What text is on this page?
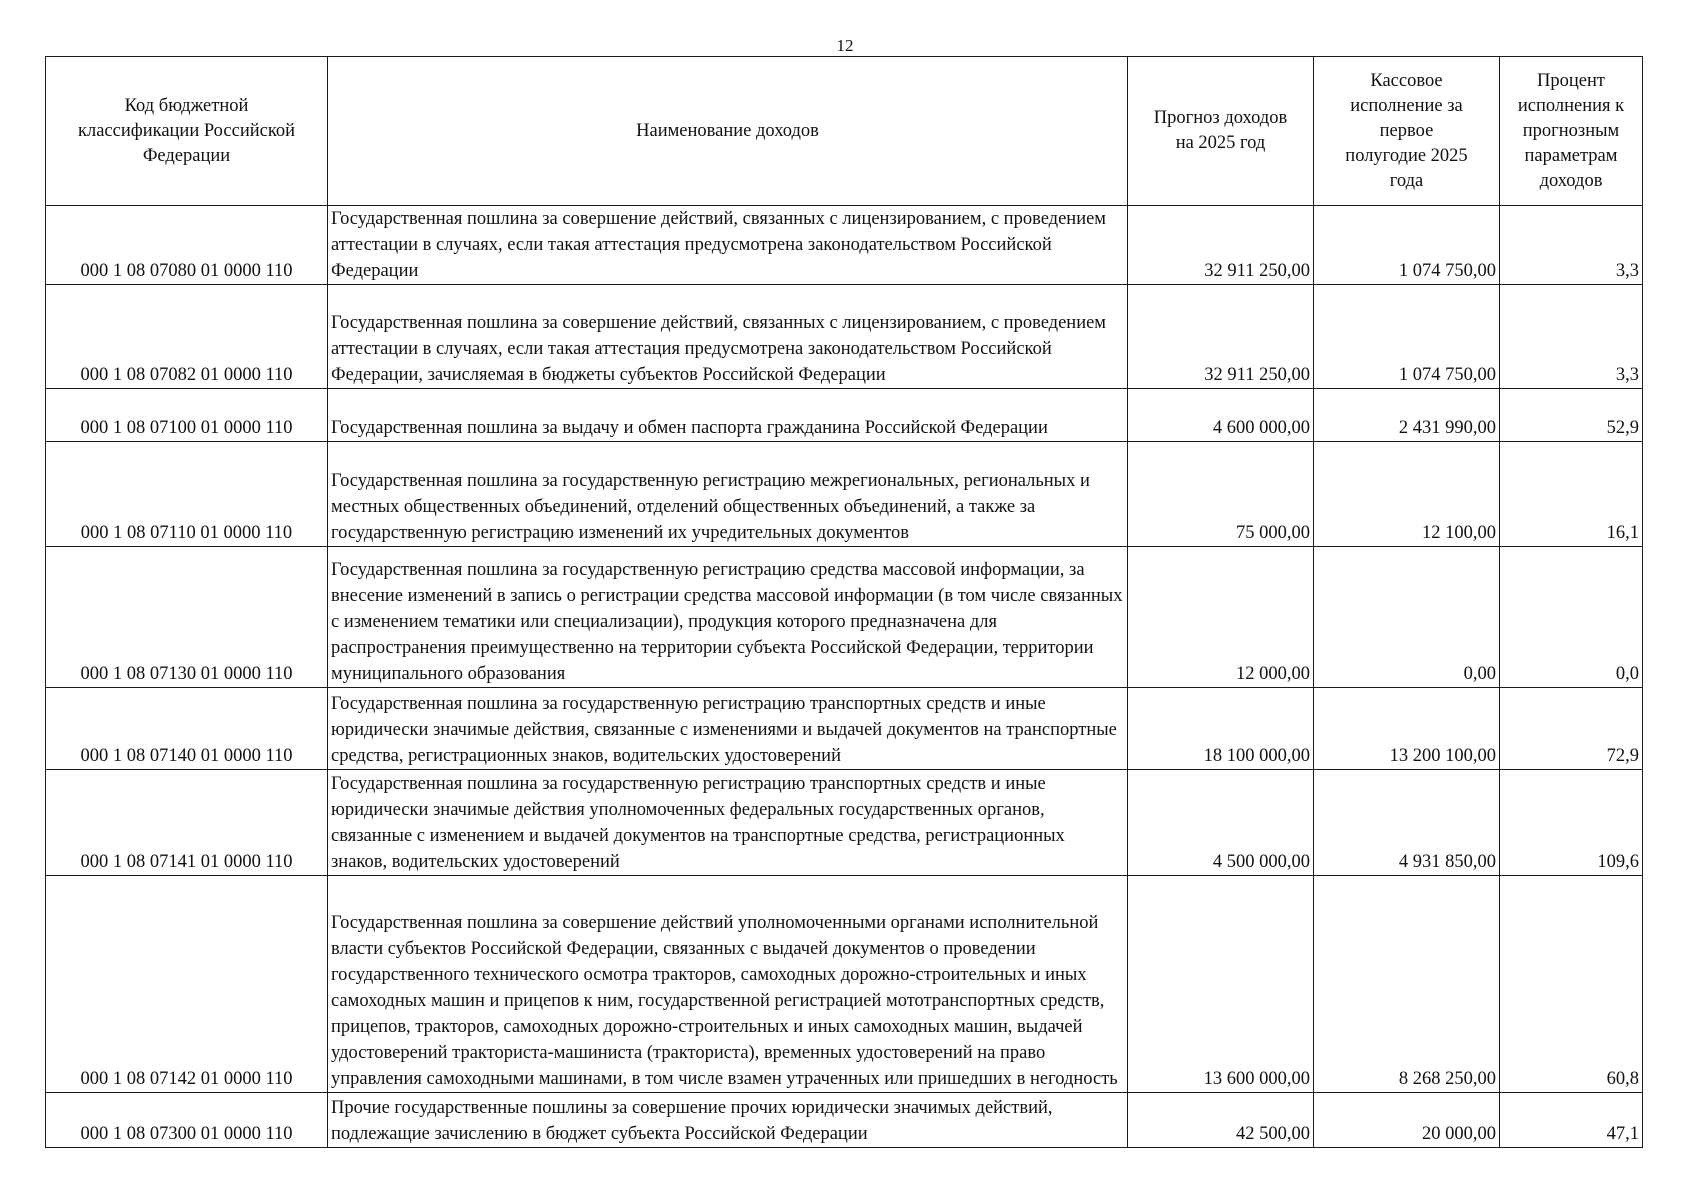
12
Код бюджетной классификации Российской Федерации	Наименование доходов	Прогноз доходов на 2025 год	Кассовое исполнение за первое полугодие 2025 года	Процент исполнения к прогнозным параметрам доходов
000 1 08 07080 01 0000 110	Государственная пошлина за совершение действий, связанных с лицензированием, с проведением аттестации в случаях, если такая аттестация предусмотрена законодательством Российской Федерации	32 911 250,00	1 074 750,00	3,3
000 1 08 07082 01 0000 110	Государственная пошлина за совершение действий, связанных с лицензированием, с проведением аттестации в случаях, если такая аттестация предусмотрена законодательством Российской Федерации, зачисляемая в бюджеты субъектов Российской Федерации	32 911 250,00	1 074 750,00	3,3
000 1 08 07100 01 0000 110	Государственная пошлина за выдачу и обмен паспорта гражданина Российской Федерации	4 600 000,00	2 431 990,00	52,9
000 1 08 07110 01 0000 110	Государственная пошлина за государственную регистрацию межрегиональных, региональных и местных общественных объединений, отделений общественных объединений, а также за государственную регистрацию изменений их учредительных документов	75 000,00	12 100,00	16,1
000 1 08 07130 01 0000 110	Государственная пошлина за государственную регистрацию средства массовой информации, за внесение изменений в запись о регистрации средства массовой информации (в том числе связанных с изменением тематики или специализации), продукция которого предназначена для распространения преимущественно на территории субъекта Российской Федерации, территории муниципального образования	12 000,00	0,00	0,0
000 1 08 07140 01 0000 110	Государственная пошлина за государственную регистрацию транспортных средств и иные юридически значимые действия, связанные с изменениями и выдачей документов на транспортные средства, регистрационных знаков, водительских удостоверений	18 100 000,00	13 200 100,00	72,9
000 1 08 07141 01 0000 110	Государственная пошлина за государственную регистрацию транспортных средств и иные юридически значимые действия уполномоченных федеральных государственных органов, связанные с изменением и выдачей документов на транспортные средства, регистрационных знаков, водительских удостоверений	4 500 000,00	4 931 850,00	109,6
000 1 08 07142 01 0000 110	Государственная пошлина за совершение действий уполномоченными органами исполнительной власти субъектов Российской Федерации, связанных с выдачей документов о проведении государственного технического осмотра тракторов, самоходных дорожно-строительных и иных самоходных машин и прицепов к ним, государственной регистрацией мототранспортных средств, прицепов, тракторов, самоходных дорожно-строительных и иных самоходных машин, выдачей удостоверений тракториста-машиниста (тракториста), временных удостоверений на право управления самоходными машинами, в том числе взамен утраченных или пришедших в негодность	13 600 000,00	8 268 250,00	60,8
000 1 08 07300 01 0000 110	Прочие государственные пошлины за совершение прочих юридически значимых действий, подлежащие зачислению в бюджет субъекта Российской Федерации	42 500,00	20 000,00	47,1
